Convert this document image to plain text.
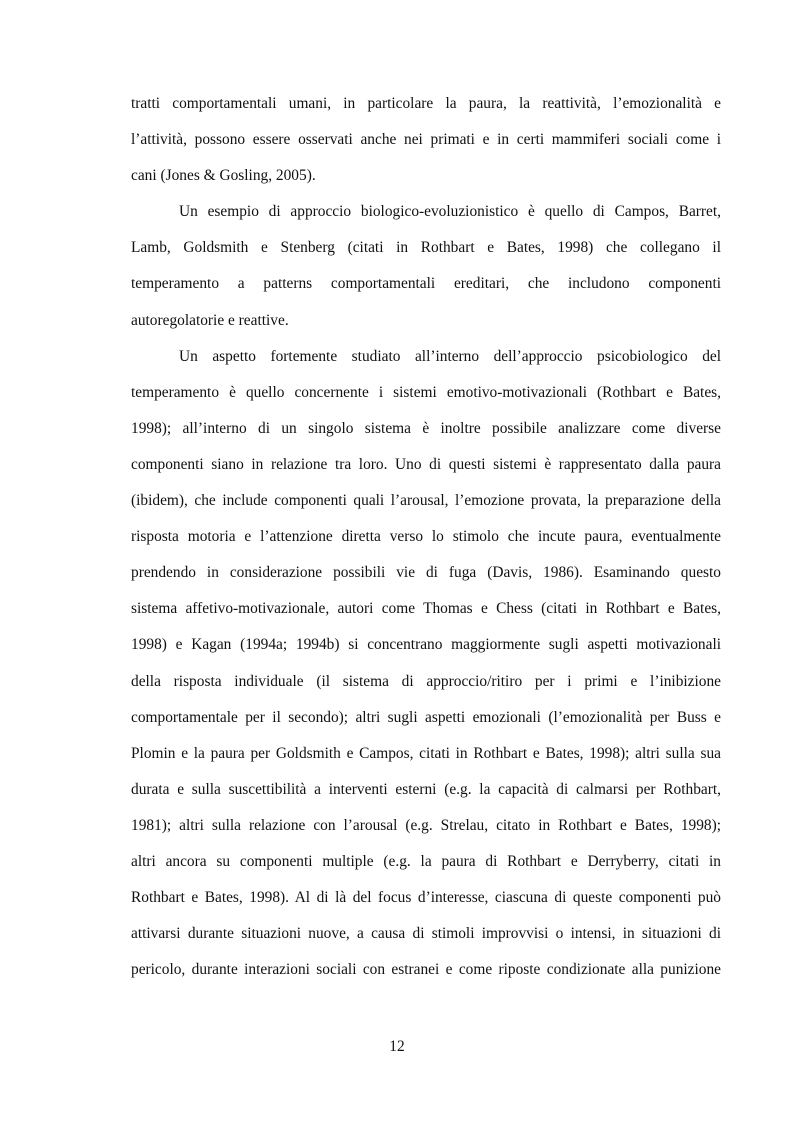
tratti comportamentali umani, in particolare la paura, la reattività, l’emozionalità e
l’attività, possono essere osservati anche nei primati e in certi mammiferi sociali come i
cani (Jones & Gosling, 2005).
Un esempio di approccio biologico-evoluzionistico è quello di Campos, Barret,
Lamb, Goldsmith e Stenberg (citati in Rothbart e Bates, 1998) che collegano il
temperamento a patterns comportamentali ereditari, che includono componenti
autoregolatorie e reattive.
Un aspetto fortemente studiato all’interno dell’approccio psicobiologico del
temperamento è quello concernente i sistemi emotivo-motivazionali (Rothbart e Bates,
1998); all’interno di un singolo sistema è inoltre possibile analizzare come diverse
componenti siano in relazione tra loro. Uno di questi sistemi è rappresentato dalla paura
(ibidem), che include componenti quali l’arousal, l’emozione provata, la preparazione della
risposta motoria e l’attenzione diretta verso lo stimolo che incute paura, eventualmente
prendendo in considerazione possibili vie di fuga (Davis, 1986). Esaminando questo
sistema affetivo-motivazionale, autori come Thomas e Chess (citati in Rothbart e Bates,
1998) e Kagan (1994a; 1994b) si concentrano maggiormente sugli aspetti motivazionali
della risposta individuale (il sistema di approccio/ritiro per i primi e l’inibizione
comportamentale per il secondo); altri sugli aspetti emozionali (l’emozionalità per Buss e
Plomin e la paura per Goldsmith e Campos, citati in Rothbart e Bates, 1998); altri sulla sua
durata e sulla suscettibilità a interventi esterni (e.g. la capacità di calmarsi per Rothbart,
1981); altri sulla relazione con l’arousal (e.g. Strelau, citato in Rothbart e Bates, 1998);
altri ancora su componenti multiple (e.g. la paura di Rothbart e Derryberry, citati in
Rothbart e Bates, 1998). Al di là del focus d’interesse, ciascuna di queste componenti può
attivarsi durante situazioni nuove, a causa di stimoli improvvisi o intensi, in situazioni di
pericolo, durante interazioni sociali con estranei e come riposte condizionate alla punizione
12
